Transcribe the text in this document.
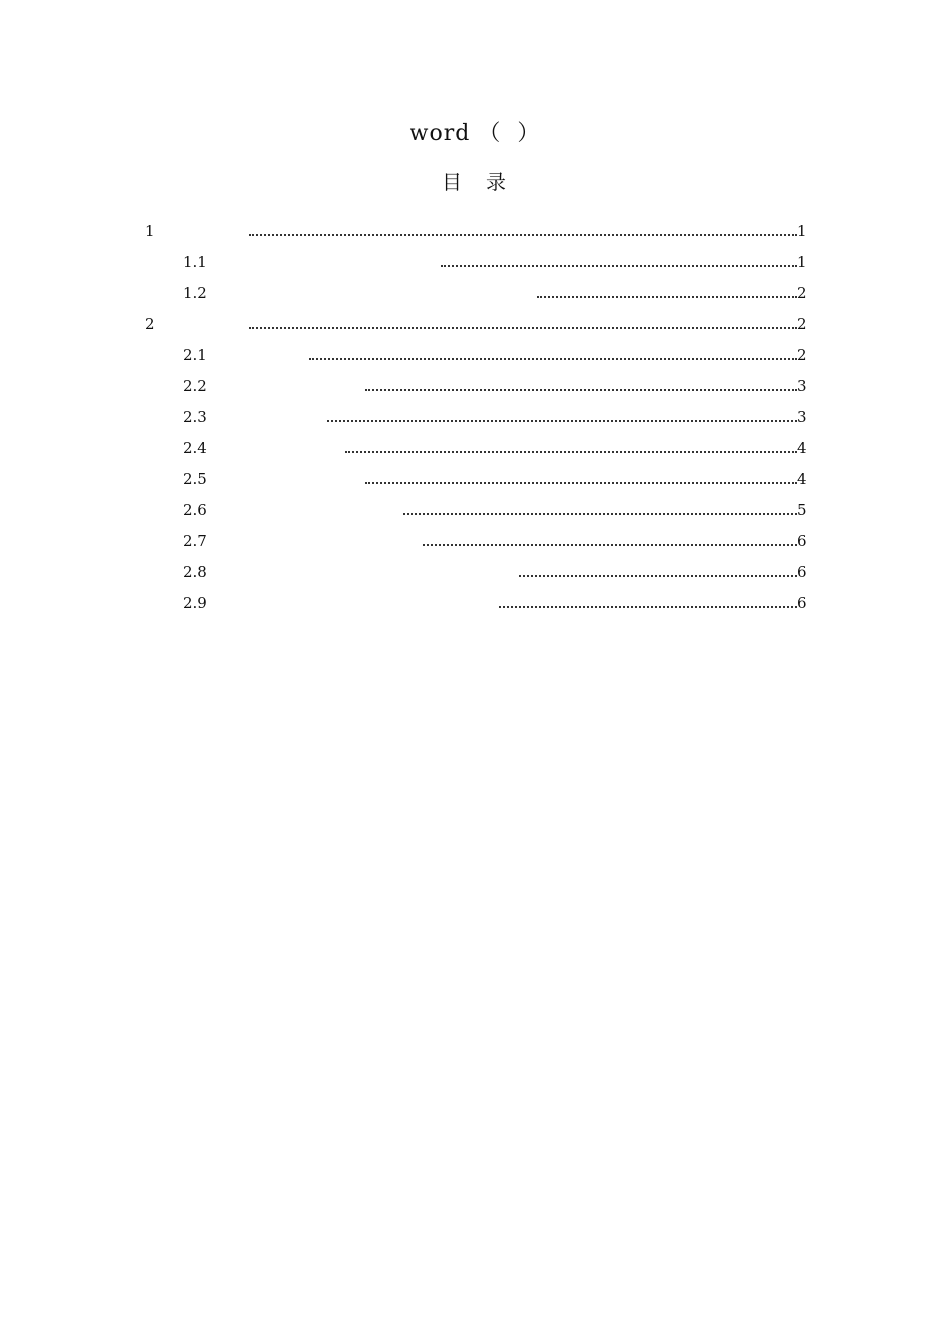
word （  ）
目　录
1	1
1.1	1
1.2	2
2	2
2.1	2
2.2	3
2.3	3
2.4	4
2.5	4
2.6	5
2.7	6
2.8	6
2.9	6
